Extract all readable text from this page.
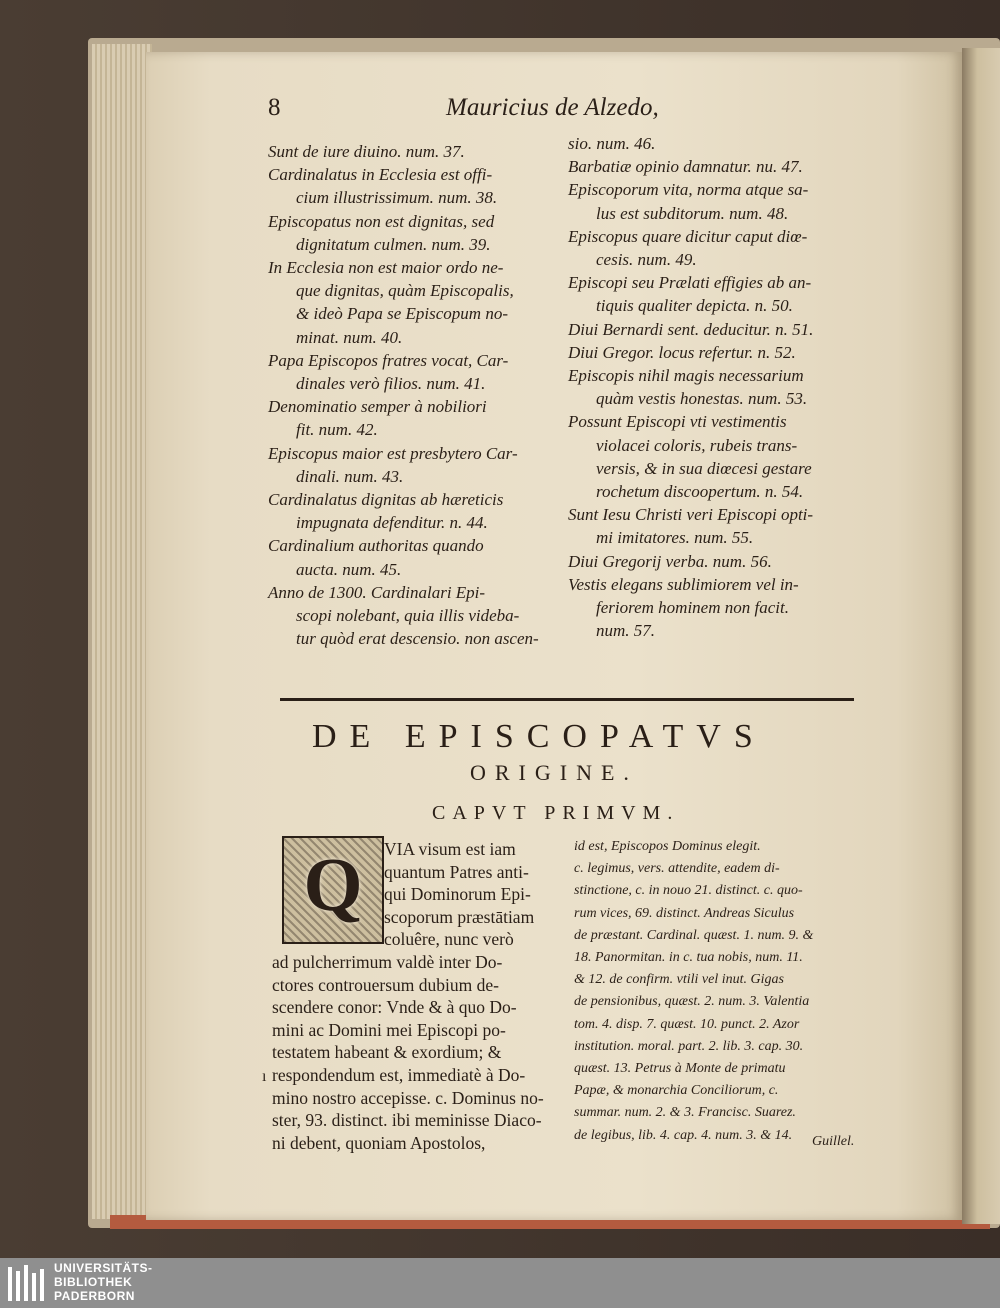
8	Mauricius de Alzedo,
Sunt de iure diuino. num. 37.
Cardinalatus in Ecclesia est offi-
cium illustrissimum. num. 38.
Episcopatus non est dignitas, sed
dignitatum culmen. num. 39.
In Ecclesia non est maior ordo ne-
que dignitas, quàm Episcopalis,
& ideò Papa se Episcopum no-
minat. num. 40.
Papa Episcopos fratres vocat, Car-
dinales verò filios. num. 41.
Denominatio semper à nobiliori
fit. num. 42.
Episcopus maior est presbytero Car-
dinali. num. 43.
Cardinalatus dignitas ab hæreticis
impugnata defenditur. n. 44.
Cardinalium authoritas quando
aucta. num. 45.
Anno de 1300. Cardinalari Epi-
scopi nolebant, quia illis videba-
tur quòd erat descensio. non ascen-
sio. num. 46.
Barbatiæ opinio damnatur. nu. 47.
Episcoporum vita, norma atque sa-
lus est subditorum. num. 48.
Episcopus quare dicitur caput diœ-
cesis. num. 49.
Episcopi seu Prælati effigies ab an-
tiquis qualiter depicta. n. 50.
Diui Bernardi sent. deducitur. n. 51.
Diui Gregor. locus refertur. n. 52.
Episcopis nihil magis necessarium
quàm vestis honestas. num. 53.
Possunt Episcopi vti vestimentis
violacei coloris, rubeis trans-
versis, & in sua diœcesi gestare
rochetum discoopertum. n. 54.
Sunt Iesu Christi veri Episcopi opti-
mi imitatores. num. 55.
Diui Gregorij verba. num. 56.
Vestis elegans sublimiorem vel in-
feriorem hominem non facit.
num. 57.
DE EPISCOPATVS
ORIGINE.
CAPVT PRIMVM.
Q	VIA visum est iam
quantum Patres anti-
qui Dominorum Epi-
scoporum præstātiam
coluêre, nunc verò
ad pulcherrimum valdè inter Do-
ctores controuersum dubium de-
scendere conor: Vnde & à quo Do-
mini ac Domini mei Episcopi po-
testatem habeant & exordium; &
respondendum est, immediatè à Do-
mino nostro accepisse. c. Dominus no-
ster, 93. distinct. ibi meminisse Diaco-
ni debent, quoniam Apostolos,
id est, Episcopos Dominus elegit.
c. legimus, vers. attendite, eadem di-
stinctione, c. in nouo 21. distinct. c. quo-
rum vices, 69. distinct. Andreas Siculus
de præstant. Cardinal. quæst. 1. num. 9. &
18. Panormitan. in c. tua nobis, num. 11.
& 12. de confirm. vtili vel inut. Gigas
de pensionibus, quæst. 2. num. 3. Valentia
tom. 4. disp. 7. quæst. 10. punct. 2. Azor
institution. moral. part. 2. lib. 3. cap. 30.
quæst. 13. Petrus à Monte de primatu
Papæ, & monarchia Conciliorum, c.
summar. num. 2. & 3. Francisc. Suarez.
de legibus, lib. 4. cap. 4. num. 3. & 14.
ı
Guillel.
UNIVERSITÄTS-
BIBLIOTHEK
PADERBORN
